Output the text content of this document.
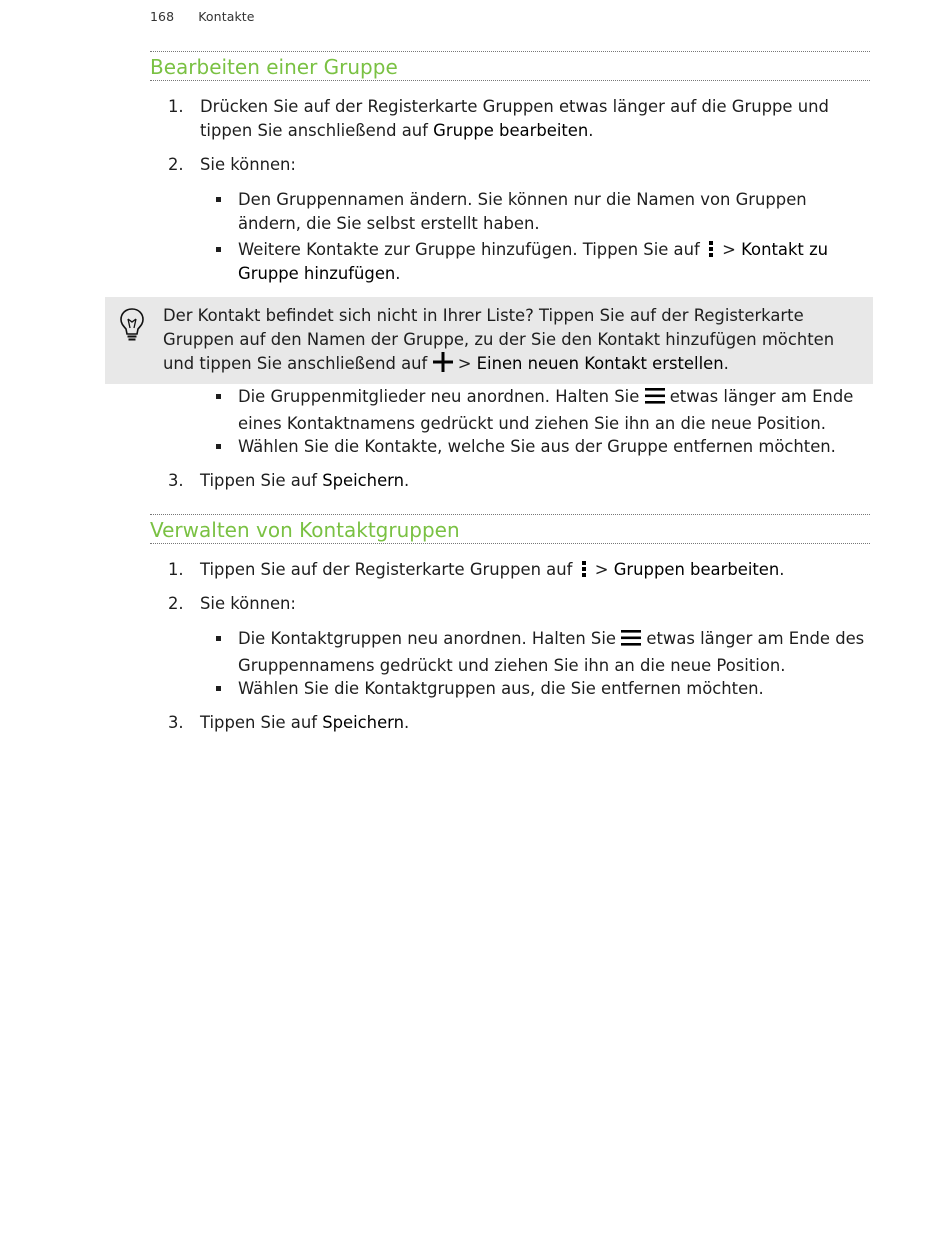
168 Kontakte
Bearbeiten einer Gruppe
1. Drücken Sie auf der Registerkarte Gruppen etwas länger auf die Gruppe und tippen Sie anschließend auf Gruppe bearbeiten.
2. Sie können:
Den Gruppennamen ändern. Sie können nur die Namen von Gruppen ändern, die Sie selbst erstellt haben.
Weitere Kontakte zur Gruppe hinzufügen. Tippen Sie auf
> Kontakt zu Gruppe hinzufügen.
Der Kontakt befindet sich nicht in Ihrer Liste? Tippen Sie auf der Registerkarte Gruppen auf den Namen der Gruppe, zu der Sie den Kontakt hinzufügen möchten und tippen Sie anschließend auf  > Einen neuen Kontakt erstellen.
Die Gruppenmitglieder neu anordnen. Halten Sie  etwas länger am Ende eines Kontaktnamens gedrückt und ziehen Sie ihn an die neue Position.
Wählen Sie die Kontakte, welche Sie aus der Gruppe entfernen möchten.
3. Tippen Sie auf Speichern.
Verwalten von Kontaktgruppen
1. Tippen Sie auf der Registerkarte Gruppen auf
> Gruppen bearbeiten.
2. Sie können:
Die Kontaktgruppen neu anordnen. Halten Sie  etwas länger am Ende des Gruppennamens gedrückt und ziehen Sie ihn an die neue Position.
Wählen Sie die Kontaktgruppen aus, die Sie entfernen möchten.
3. Tippen Sie auf Speichern.
